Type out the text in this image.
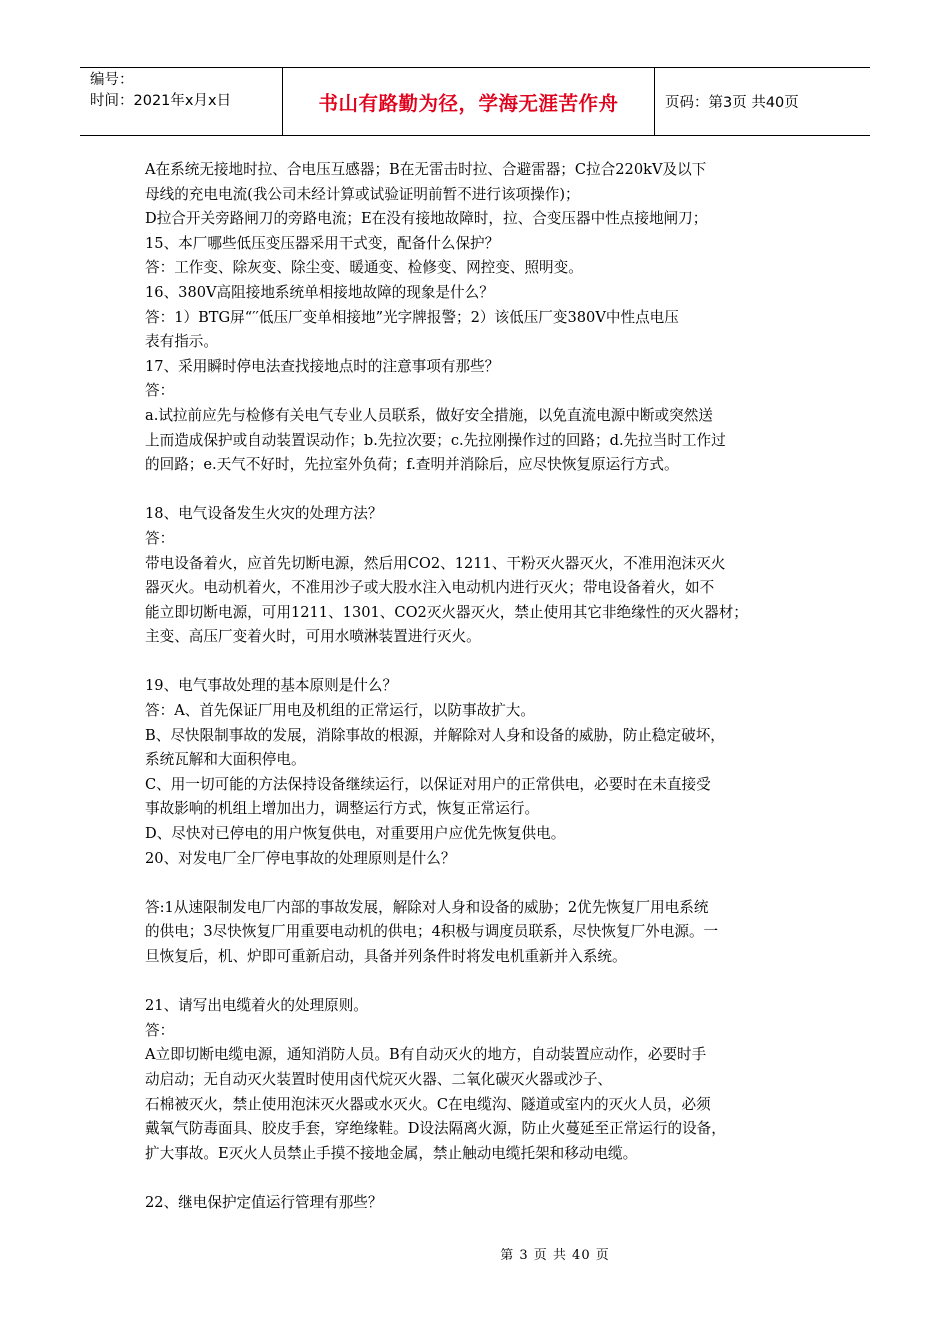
编号：
时间：2021年x月x日	书山有路勤为径，学海无涯苦作舟	页码：第3页 共40页

A在系统无接地时拉、合电压互感器；B在无雷击时拉、合避雷器；C拉合220kV及以下

母线的充电电流(我公司未经计算或试验证明前暂不进行该项操作)；

D拉合开关旁路闸刀的旁路电流；E在没有接地故障时，拉、合变压器中性点接地闸刀；

15、本厂哪些低压变压器采用干式变，配备什么保护？

答：工作变、除灰变、除尘变、暖通变、检修变、网控变、照明变。

16、380V高阻接地系统单相接地故障的现象是什么？

答：1）BTG屏“′′低压厂变单相接地”光字牌报警；2）该低压厂变380V中性点电压

表有指示。

17、采用瞬时停电法查找接地点时的注意事项有那些？

答：

a.试拉前应先与检修有关电气专业人员联系，做好安全措施，以免直流电源中断或突然送

上而造成保护或自动装置误动作；b.先拉次要；c.先拉刚操作过的回路；d.先拉当时工作过

的回路；e.天气不好时，先拉室外负荷；f.查明并消除后，应尽快恢复原运行方式。

18、电气设备发生火灾的处理方法？

答：

带电设备着火，应首先切断电源，然后用CO2、1211、干粉灭火器灭火，不准用泡沫灭火

器灭火。电动机着火，不准用沙子或大股水注入电动机内进行灭火；带电设备着火，如不

能立即切断电源，可用1211、1301、CO2灭火器灭火，禁止使用其它非绝缘性的灭火器材；

主变、高压厂变着火时，可用水喷淋装置进行灭火。

19、电气事故处理的基本原则是什么？

答：A、首先保证厂用电及机组的正常运行，以防事故扩大。

B、尽快限制事故的发展，消除事故的根源，并解除对人身和设备的威胁，防止稳定破坏，

系统瓦解和大面积停电。

C、用一切可能的方法保持设备继续运行，以保证对用户的正常供电，必要时在未直接受

事故影响的机组上增加出力，调整运行方式，恢复正常运行。

D、尽快对已停电的用户恢复供电，对重要用户应优先恢复供电。

20、对发电厂全厂停电事故的处理原则是什么？

答:1从速限制发电厂内部的事故发展，解除对人身和设备的威胁；2优先恢复厂用电系统

的供电；3尽快恢复厂用重要电动机的供电；4积极与调度员联系，尽快恢复厂外电源。一

旦恢复后，机、炉即可重新启动，具备并列条件时将发电机重新并入系统。

21、请写出电缆着火的处理原则。

答：

A立即切断电缆电源，通知消防人员。B有自动灭火的地方，自动装置应动作，必要时手

动启动；无自动灭火装置时使用卤代烷灭火器、二氧化碳灭火器或沙子、

石棉被灭火，禁止使用泡沫灭火器或水灭火。C在电缆沟、隧道或室内的灭火人员，必须

戴氧气防毒面具、胶皮手套，穿绝缘鞋。D设法隔离火源，防止火蔓延至正常运行的设备，

扩大事故。E灭火人员禁止手摸不接地金属，禁止触动电缆托架和移动电缆。

22、继电保护定值运行管理有那些？

第 3 页 共 40 页
